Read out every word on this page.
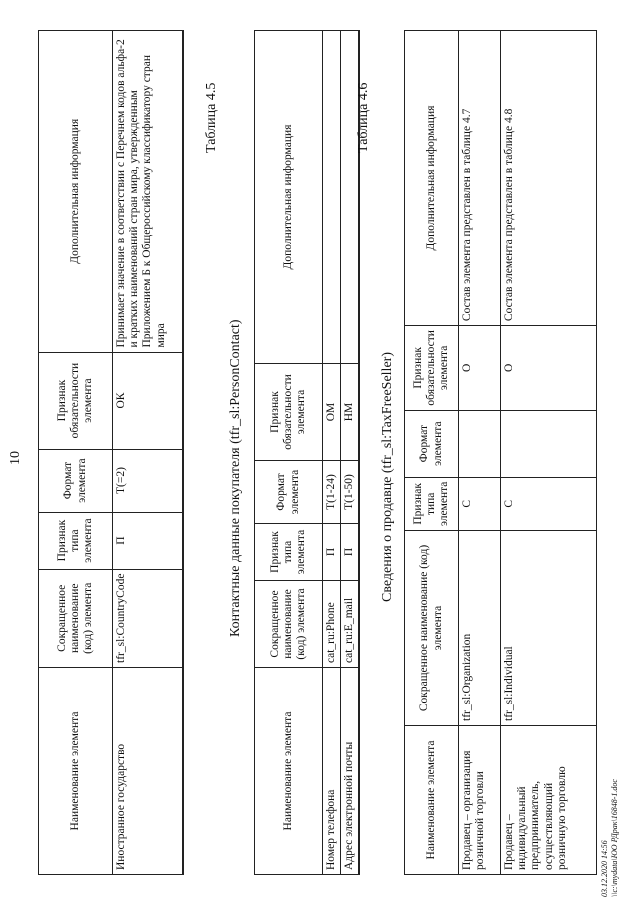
10
Наименование элемента	Сокращенное наименование (код) элемента	Признак типа элемента	Формат элемента	Признак обязательности элемента	Дополнительная информация
Иностранное государство	tfr_sl:CountryCode	П	T(=2)	ОК	Принимает значение в соответствии с Перечнем кодов альфа-2 и кратких наименований стран мира, утвержденным Приложением Б к Общероссийскому классификатору стран мира
Таблица 4.5
Контактные данные покупателя (tfr_sl:PersonContact)
Наименование элемента	Сокращенное наименование (код) элемента	Признак типа элемента	Формат элемента	Признак обязательности элемента	Дополнительная информация
Номер телефона	cat_ru:Phone	П	T(1-24)	ОМ	
Адрес электронной почты	cat_ru:E_mail	П	T(1-50)	НМ	
Таблица 4.6
Сведения о продавце (tfr_sl:TaxFreeSeller)
Наименование элемента	Сокращенное наименование (код) элемента	Признак типа элемента	Формат элемента	Признак обязательности элемента	Дополнительная информация
Продавец – организация розничной торговли	tfr_sl:Organization	С		О	Состав элемента представлен в таблице 4.7
Продавец – индивидуальный предприниматель, осуществляющий розничную торговлю	tfr_sl:Individual	С		О	Состав элемента представлен в таблице 4.8
03.12.2020 14:56 \\c:\mydata\ЮО РДрак\16848-1.doc
